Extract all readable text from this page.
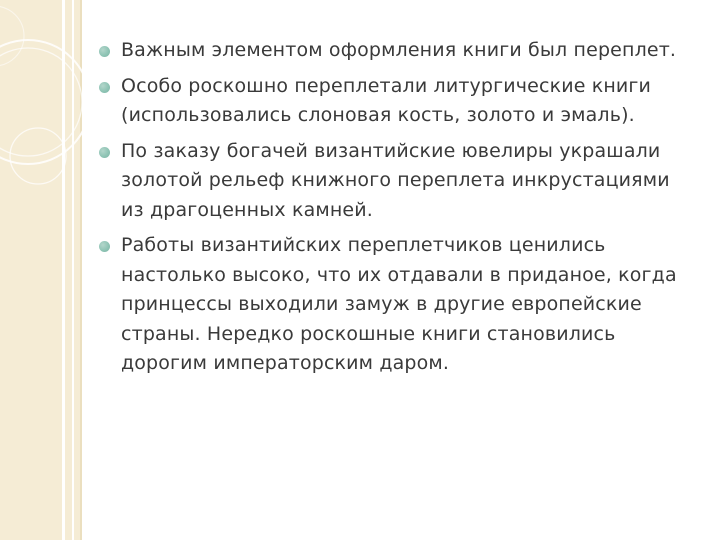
Важным элементом оформления книги был переплет.
Особо роскошно переплетали литургические книги (использовались слоновая кость, золото и эмаль).
По заказу богачей византийские ювелиры украшали золотой рельеф книжного переплета инкрустациями из драгоценных камней.
Работы византийских переплетчиков ценились настолько высоко, что их отдавали в приданое, когда принцессы выходили замуж в другие европейские страны. Нередко роскошные книги становились дорогим императорским даром.
